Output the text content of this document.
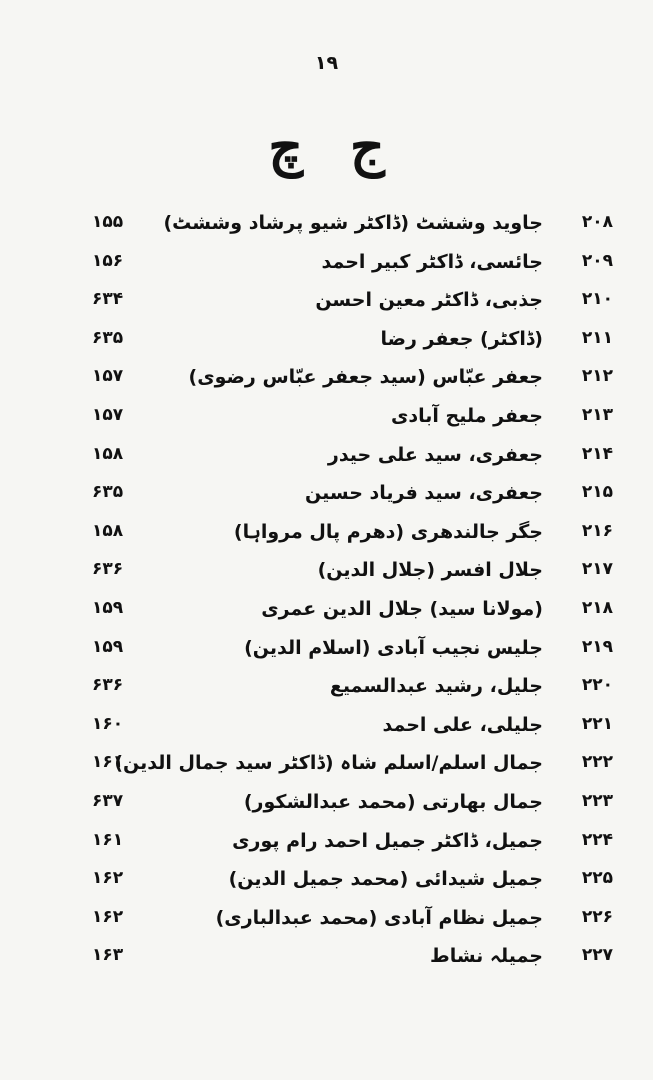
١٩
ج چ
۲۰۸
جاوید وششٹ (ڈاکٹر شیو پرشاد وششٹ)
۱۵۵
۲۰۹
جائسی، ڈاکٹر کبیر احمد
۱۵۶
۲۱۰
جذبی، ڈاکٹر معین احسن
۶۳۴
۲۱۱
(ڈاکٹر) جعفر رضا
۶۳۵
۲۱۲
جعفر عبّاس (سید جعفر عبّاس رضوی)
۱۵۷
۲۱۳
جعفر ملیح آبادی
۱۵۷
۲۱۴
جعفری، سید علی حیدر
۱۵۸
۲۱۵
جعفری، سید فریاد حسین
۶۳۵
۲۱۶
جگر جالندھری (دھرم پال مرواہا)
۱۵۸
۲۱۷
جلال افسر (جلال الدین)
۶۳۶
۲۱۸
(مولانا سید) جلال الدین عمری
۱۵۹
۲۱۹
جلیس نجیب آبادی (اسلام الدین)
۱۵۹
۲۲۰
جلیل، رشید عبدالسمیع
۶۳۶
۲۲۱
جلیلی، علی احمد
۱۶۰
۲۲۲
جمال اسلم/اسلم شاہ (ڈاکٹر سید جمال الدین)
۱۶۱
۲۲۳
جمال بھارتی (محمد عبدالشکور)
۶۳۷
۲۲۴
جمیل، ڈاکٹر جمیل احمد رام پوری
۱۶۱
۲۲۵
جمیل شیدائی (محمد جمیل الدین)
۱۶۲
۲۲۶
جمیل نظام آبادی (محمد عبدالباری)
۱۶۲
۲۲۷
جمیلہ نشاط
۱۶۳
